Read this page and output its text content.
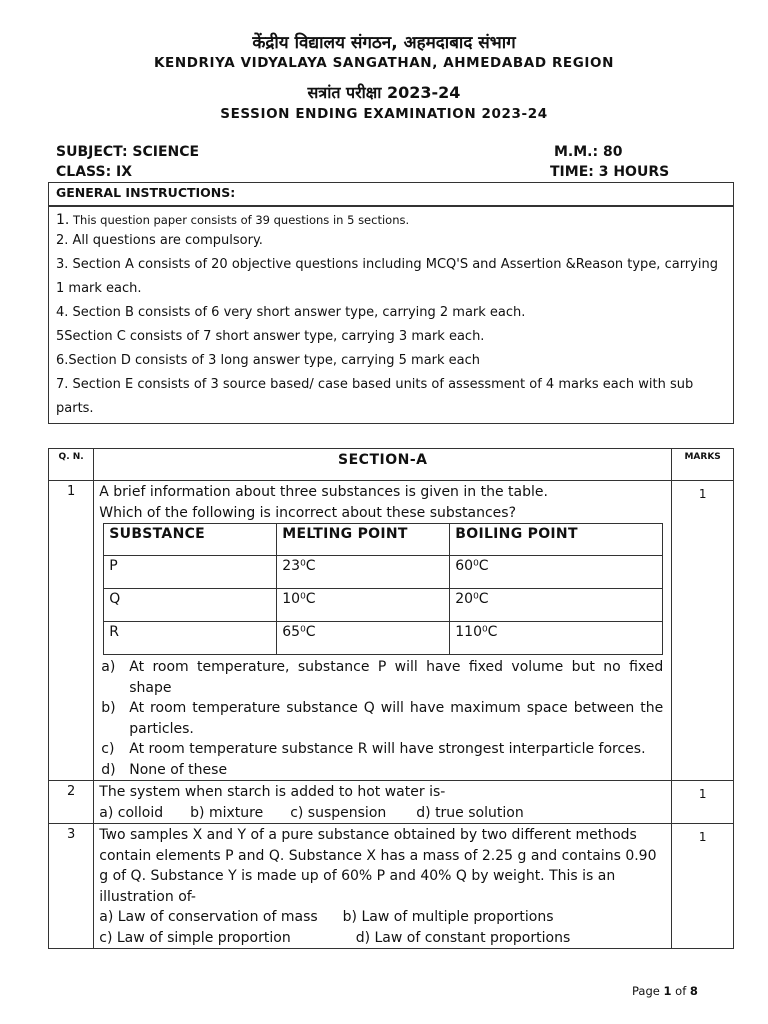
केंद्रीय विद्यालय संगठन, अहमदाबाद संभाग
KENDRIYA VIDYALAYA SANGATHAN, AHMEDABAD REGION
सत्रांत परीक्षा 2023-24
SESSION ENDING EXAMINATION 2023-24
SUBJECT: SCIENCE	M.M.: 80
CLASS: IX	TIME: 3 HOURS
GENERAL INSTRUCTIONS:

1. This question paper consists of 39 questions in 5 sections.

2. All questions are compulsory.

3. Section A consists of 20 objective questions including MCQ'S and Assertion &Reason type, carrying 1 mark each.

4. Section B consists of 6 very short answer type, carrying 2 mark each.

5Section C consists of 7 short answer type, carrying 3 mark each.

6.Section D consists of 3 long answer type, carrying 5 mark each

7. Section E consists of 3 source based/ case based units of assessment of 4 marks each with sub parts.

Q. N.	SECTION-A	MARKS
1	A brief information about three substances is given in the table.

Which of the following is incorrect about these substances?

SUBSTANCE	MELTING POINT	BOILING POINT
P	23⁰C	60⁰C
Q	10⁰C	20⁰C
R	65⁰C	110⁰C
a) At room temperature, substance P will have fixed volume but no fixed shape
b) At room temperature substance Q will have maximum space between the particles.
c)	At room temperature substance R will have strongest interparticle forces.
d) None of these
	1
2	The system when starch is added to hot water is-

a) colloid b) mixture c) suspension d) true solution

	1
3	Two samples X and Y of a pure substance obtained by two different methods contain elements P and Q. Substance X has a mass of 2.25 g and contains 0.90 g of Q. Substance Y is made up of 60% P and 40% Q by weight. This is an illustration of-

a) Law of conservation of mass b) Law of multiple proportions

c) Law of simple proportion	d) Law of constant proportions

	1
Page 1 of 8
